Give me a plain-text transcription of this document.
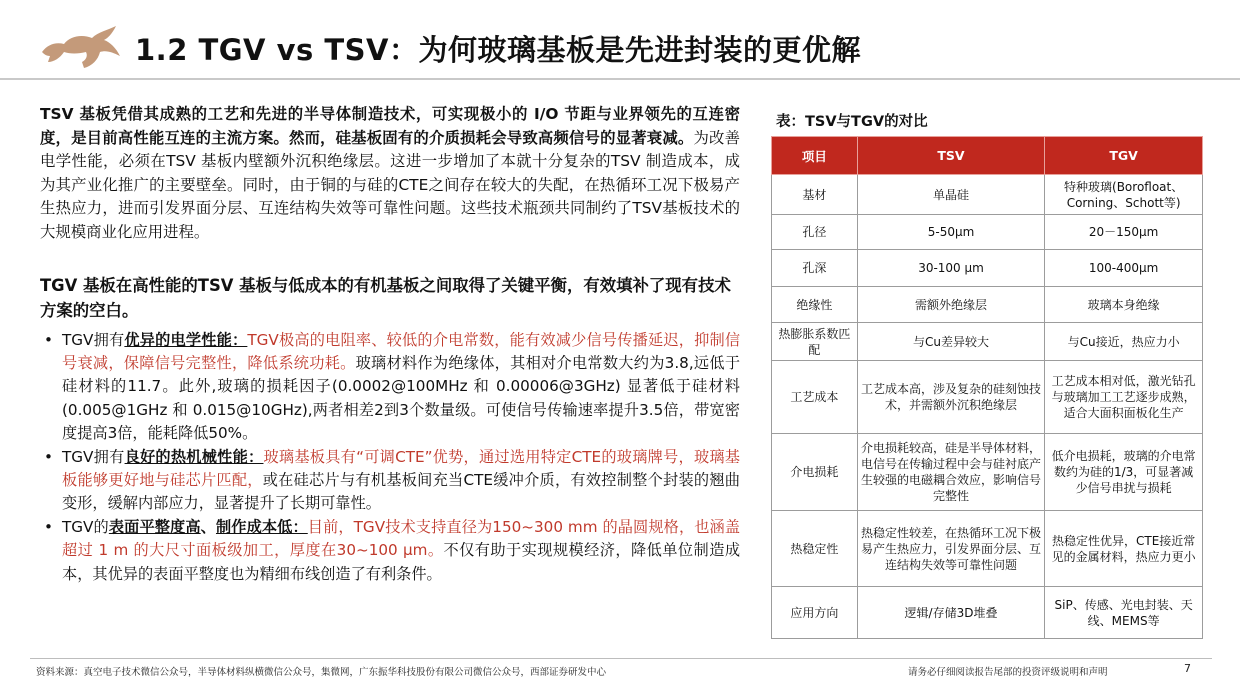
1.2 TGV vs TSV：为何玻璃基板是先进封装的更优解

TSV 基板凭借其成熟的工艺和先进的半导体制造技术，可实现极小的 I/O 节距与业界领先的互连密度，是目前高性能互连的主流方案。然而，硅基板固有的介质损耗会导致高频信号的显著衰减。为改善电学性能，必须在TSV 基板内壁额外沉积绝缘层。这进一步增加了本就十分复杂的TSV 制造成本，成为其产业化推广的主要壁垒。同时，由于铜的与硅的CTE之间存在较大的失配，在热循环工况下极易产生热应力，进而引发界面分层、互连结构失效等可靠性问题。这些技术瓶颈共同制约了TSV基板技术的大规模商业化应用进程。

TGV 基板在高性能的TSV 基板与低成本的有机基板之间取得了关键平衡，有效填补了现有技术方案的空白。

• TGV拥有优异的电学性能：TGV极高的电阻率、较低的介电常数，能有效减少信号传播延迟，抑制信号衰减，保障信号完整性，降低系统功耗。玻璃材料作为绝缘体，其相对介电常数大约为3.8,远低于硅材料的11.7。此外,玻璃的损耗因子(0.0002@100MHz 和 0.00006@3GHz) 显著低于硅材料(0.005@1GHz 和 0.015@10GHz),两者相差2到3个数量级。可使信号传输速率提升3.5倍，带宽密度提高3倍，能耗降低50%。
• TGV拥有良好的热机械性能：玻璃基板具有“可调CTE”优势，通过选用特定CTE的玻璃牌号，玻璃基板能够更好地与硅芯片匹配，或在硅芯片与有机基板间充当CTE缓冲介质，有效控制整个封装的翘曲变形，缓解内部应力，显著提升了长期可靠性。
• TGV的表面平整度高、制作成本低：目前，TGV技术支持直径为150~300 mm 的晶圆规格，也涵盖超过 1 m 的大尺寸面板级加工，厚度在30~100 μm。不仅有助于实现规模经济，降低单位制造成本，其优异的表面平整度也为精细布线创造了有利条件。
表：TSV与TGV的对比
项目	TSV	TGV
基材	单晶硅	特种玻璃(Borofloat、Corning、Schott等)
孔径	5-50μm	20－150μm
孔深	30-100 μm	100-400μm
绝缘性	需额外绝缘层	玻璃本身绝缘
热膨胀系数匹配	与Cu差异较大	与Cu接近，热应力小
工艺成本	工艺成本高，涉及复杂的硅刻蚀技术，并需额外沉积绝缘层	工艺成本相对低，激光钻孔与玻璃加工工艺逐步成熟，适合大面积面板化生产
介电损耗	介电损耗较高，硅是半导体材料，电信号在传输过程中会与硅衬底产生较强的电磁耦合效应，影响信号完整性	低介电损耗，玻璃的介电常数约为硅的1/3，可显著减少信号串扰与损耗
热稳定性	热稳定性较差，在热循环工况下极易产生热应力，引发界面分层、互连结构失效等可靠性问题	热稳定性优异，CTE接近常见的金属材料，热应力更小
应用方向	逻辑/存储3D堆叠	SiP、传感、光电封装、天线、MEMS等
资料来源：真空电子技术微信公众号，半导体材料纵横微信公众号，集微网，广东振华科技股份有限公司微信公众号，西部证券研发中心	请务必仔细阅读报告尾部的投资评级说明和声明	7
